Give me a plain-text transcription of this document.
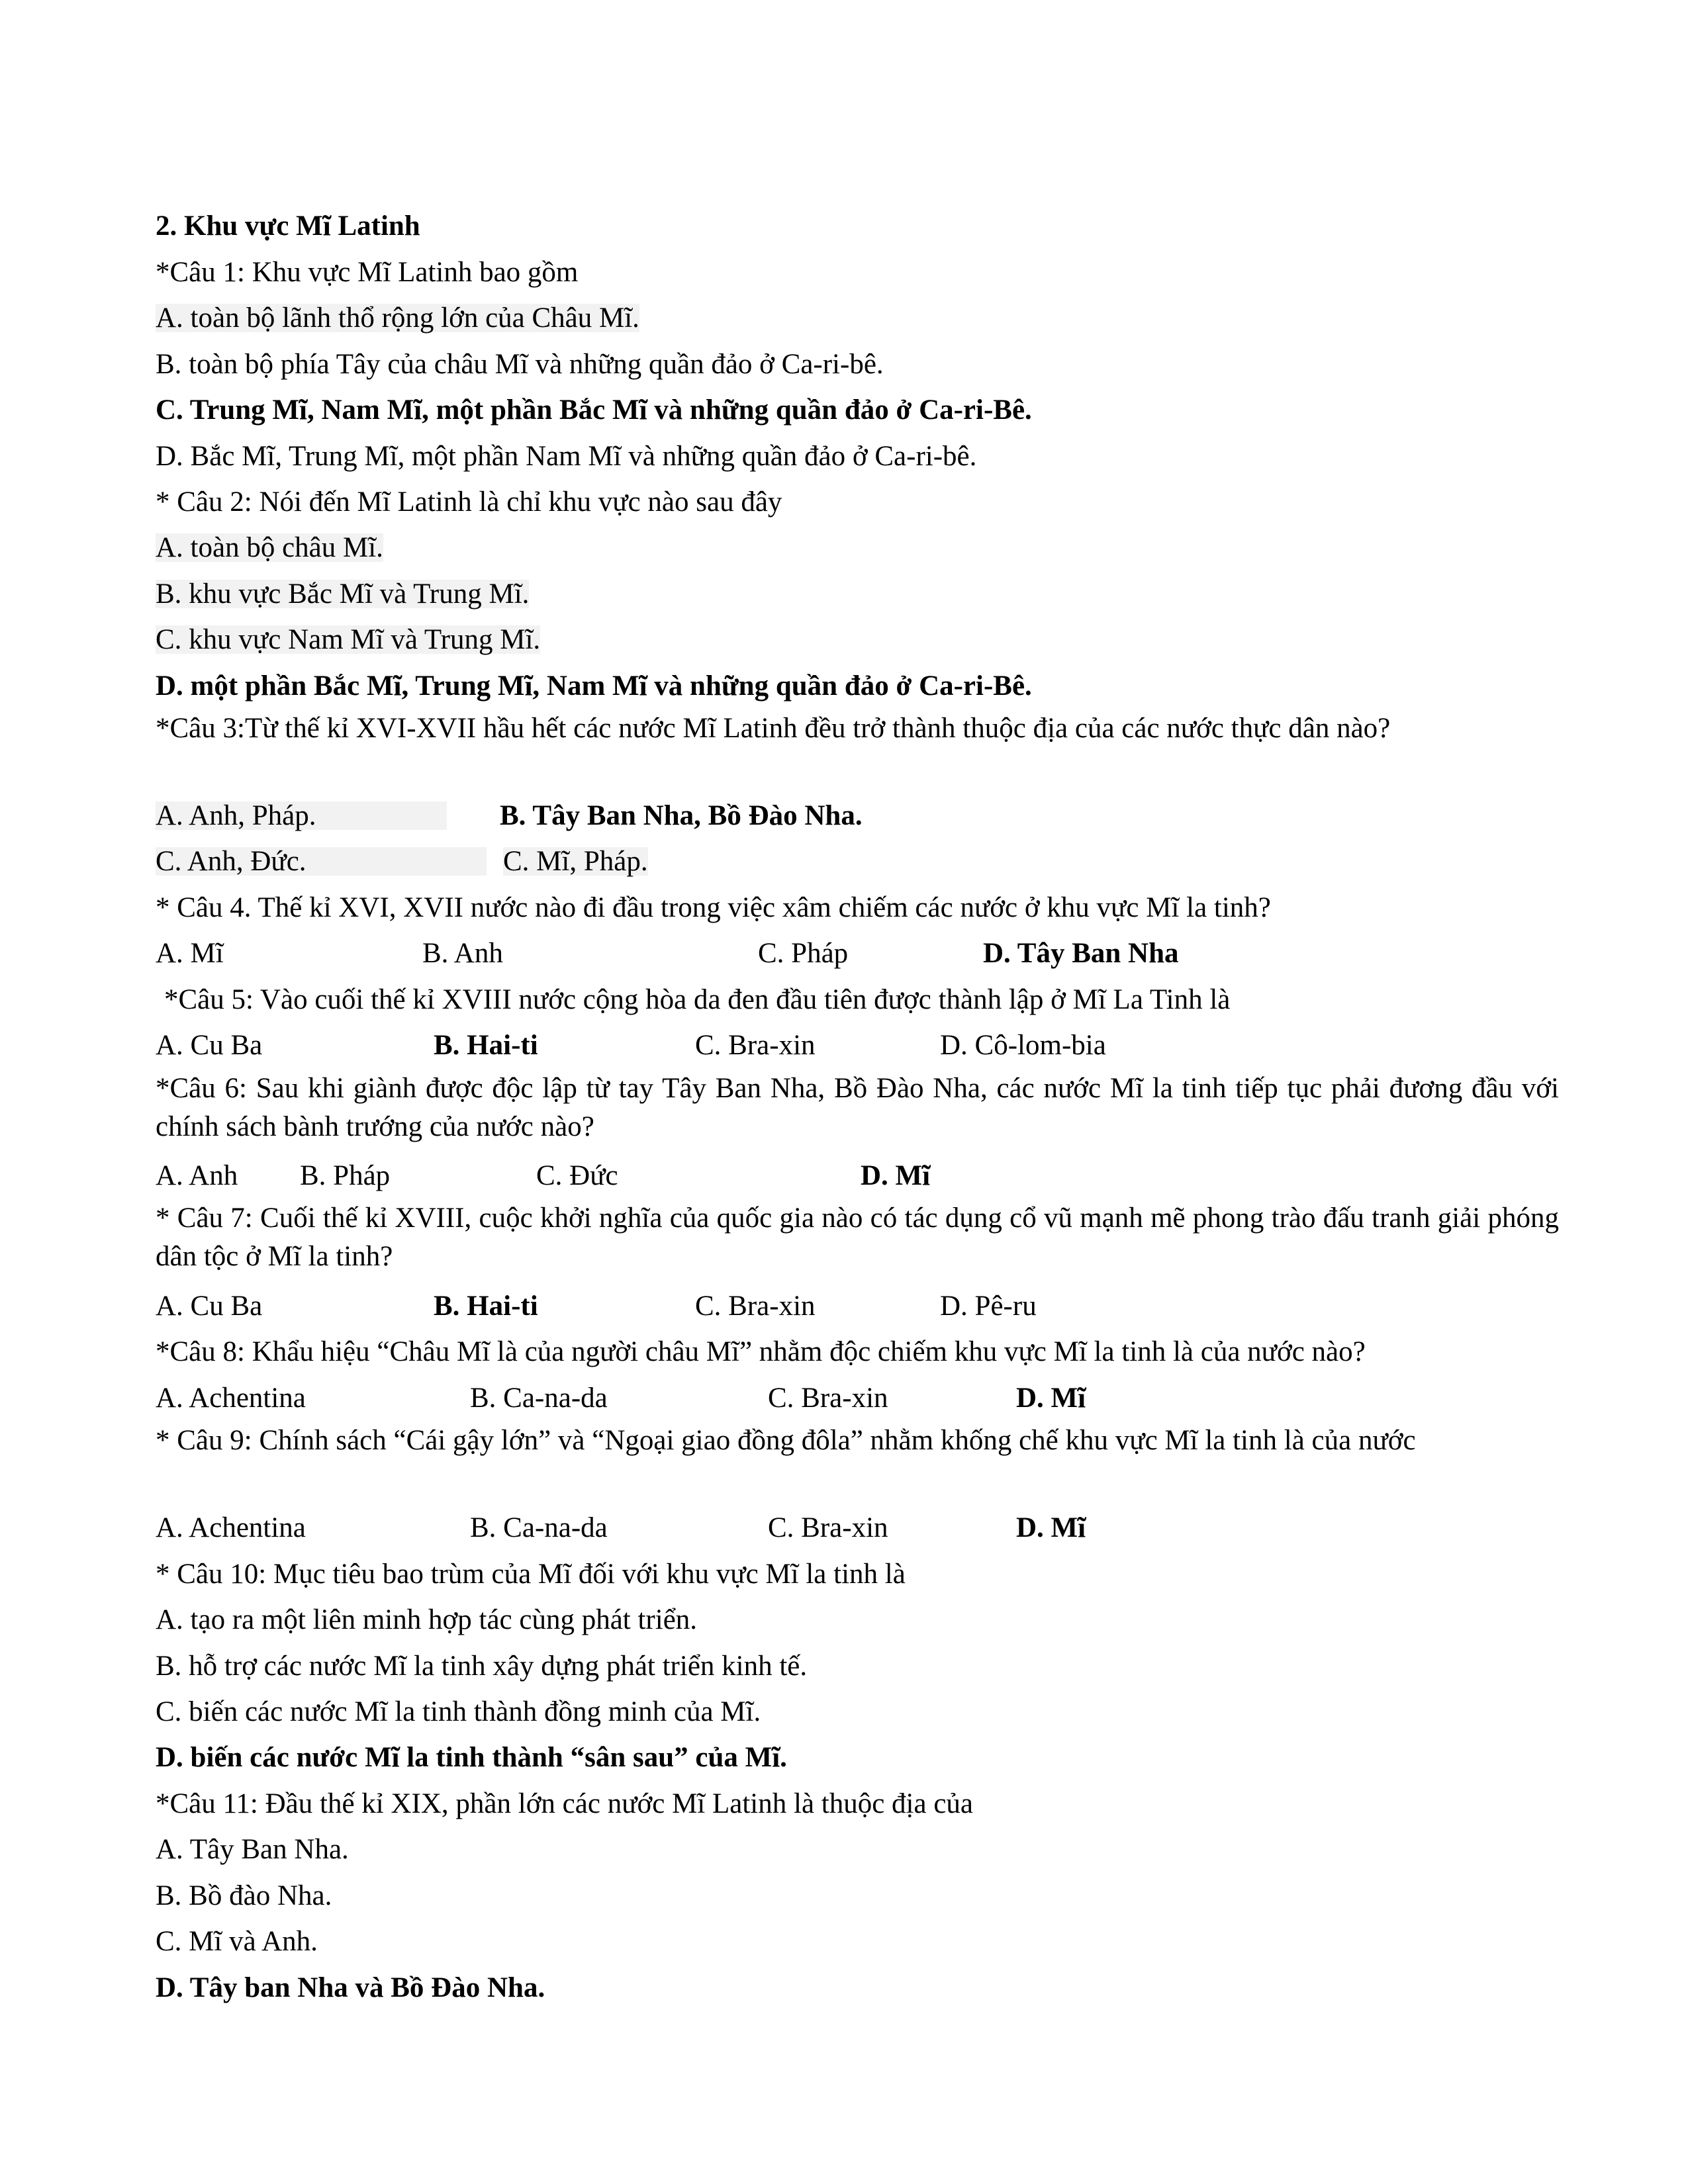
2. Khu vực Mĩ Latinh
*Câu 1: Khu vực Mĩ Latinh bao gồm
A. toàn bộ lãnh thổ rộng lớn của Châu Mĩ.
B. toàn bộ phía Tây của châu Mĩ và những quần đảo ở Ca-ri-bê.
C. Trung Mĩ, Nam Mĩ, một phần Bắc Mĩ và những quần đảo ở Ca-ri-Bê.
D. Bắc Mĩ, Trung Mĩ, một phần Nam Mĩ và những quần đảo ở Ca-ri-bê.
* Câu 2: Nói đến Mĩ Latinh là chỉ khu vực nào sau đây
A. toàn bộ châu Mĩ.
B. khu vực Bắc Mĩ và Trung Mĩ.
C. khu vực Nam Mĩ và Trung Mĩ.
D. một phần Bắc Mĩ, Trung Mĩ, Nam Mĩ và những quần đảo ở Ca-ri-Bê.
*Câu 3:Từ thế kỉ XVI-XVII hầu hết các nước Mĩ Latinh đều trở thành thuộc địa của các nước thực dân nào?
A. Anh, Pháp.	B. Tây Ban Nha, Bồ Đào Nha.
C. Anh, Đức.	C. Mĩ, Pháp.
* Câu 4. Thế kỉ XVI, XVII nước nào đi đầu trong việc xâm chiếm các nước ở khu vực Mĩ la tinh?
A. Mĩ	B. Anh	C. Pháp	D. Tây Ban Nha
*Câu 5: Vào cuối thế kỉ XVIII nước cộng hòa da đen đầu tiên được thành lập ở Mĩ La Tinh là
A. Cu Ba	B. Hai-ti	C. Bra-xin	D. Cô-lom-bia
*Câu 6: Sau khi giành được độc lập từ tay Tây Ban Nha, Bồ Đào Nha, các nước Mĩ la tinh tiếp tục phải đương đầu với chính sách bành trướng của nước nào?
A. Anh B. Pháp	C. Đức	D. Mĩ
* Câu 7: Cuối thế kỉ XVIII, cuộc khởi nghĩa của quốc gia nào có tác dụng cổ vũ mạnh mẽ phong trào đấu tranh giải phóng dân tộc ở Mĩ la tinh?
A. Cu Ba	B. Hai-ti	C. Bra-xin	D. Pê-ru
*Câu 8: Khẩu hiệu “Châu Mĩ là của người châu Mĩ” nhằm độc chiếm khu vực Mĩ la tinh là của nước nào?
A. Achentina	B. Ca-na-da	C. Bra-xin	D. Mĩ
* Câu 9: Chính sách “Cái gậy lớn” và “Ngoại giao đồng đôla” nhằm khống chế khu vực Mĩ la tinh là của nước
A. Achentina	B. Ca-na-da	C. Bra-xin	D. Mĩ
* Câu 10: Mục tiêu bao trùm của Mĩ đối với khu vực Mĩ la tinh là
A. tạo ra một liên minh hợp tác cùng phát triển.
B. hỗ trợ các nước Mĩ la tinh xây dựng phát triển kinh tế.
C. biến các nước Mĩ la tinh thành đồng minh của Mĩ.
D. biến các nước Mĩ la tinh thành “sân sau” của Mĩ.
*Câu 11: Đầu thế kỉ XIX, phần lớn các nước Mĩ Latinh là thuộc địa của
A. Tây Ban Nha.
B. Bồ đào Nha.
C. Mĩ và Anh.
D. Tây ban Nha và Bồ Đào Nha.
